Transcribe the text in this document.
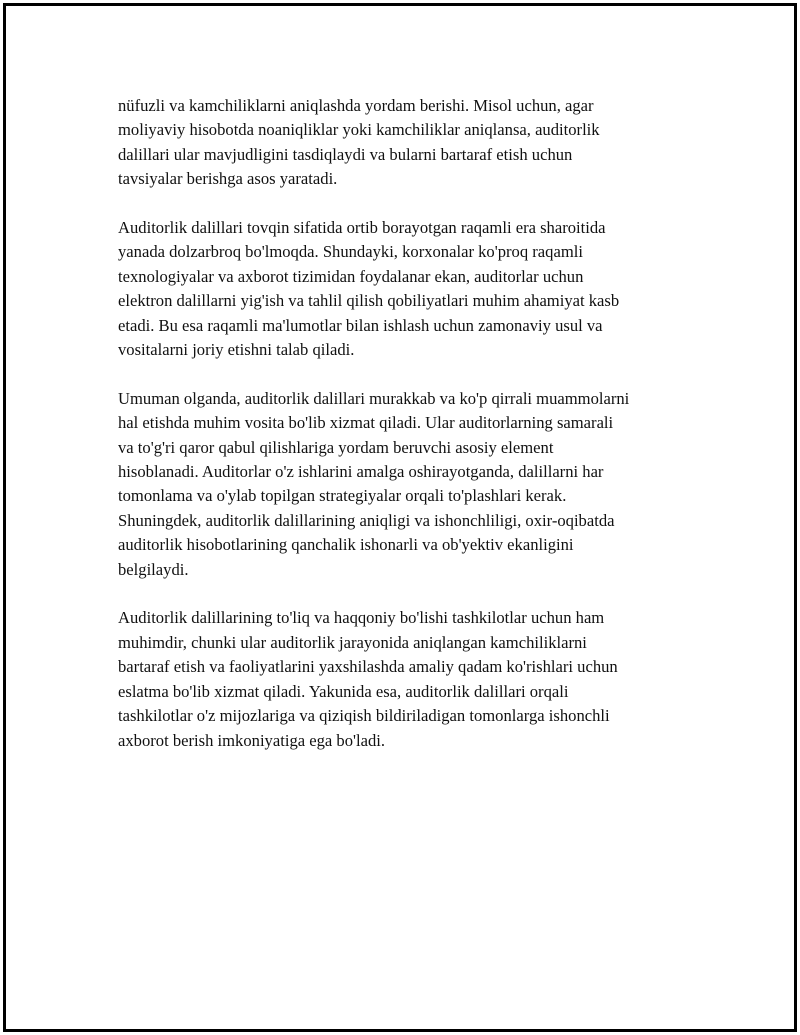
nüfuzli va kamchiliklarni aniqlashda yordam berishi. Misol uchun, agar
moliyaviy hisobotda noaniqliklar yoki kamchiliklar aniqlansa, auditorlik
dalillari ular mavjudligini tasdiqlaydi va bularni bartaraf etish uchun
tavsiyalar berishga asos yaratadi.

Auditorlik dalillari tovqin sifatida ortib borayotgan raqamli era sharoitida
yanada dolzarbroq bo'lmoqda. Shundayki, korxonalar ko'proq raqamli
texnologiyalar va axborot tizimidan foydalanar ekan, auditorlar uchun
elektron dalillarni yig'ish va tahlil qilish qobiliyatlari muhim ahamiyat kasb
etadi. Bu esa raqamli ma'lumotlar bilan ishlash uchun zamonaviy usul va
vositalarni joriy etishni talab qiladi.

Umuman olganda, auditorlik dalillari murakkab va ko'p qirrali muammolarni
hal etishda muhim vosita bo'lib xizmat qiladi. Ular auditorlarning samarali
va to'g'ri qaror qabul qilishlariga yordam beruvchi asosiy element
hisoblanadi. Auditorlar o'z ishlarini amalga oshirayotganda, dalillarni har
tomonlama va o'ylab topilgan strategiyalar orqali to'plashlari kerak.
Shuningdek, auditorlik dalillarining aniqligi va ishonchliligi, oxir-oqibatda
auditorlik hisobotlarining qanchalik ishonarli va ob'yektiv ekanligini
belgilaydi.

Auditorlik dalillarining to'liq va haqqoniy bo'lishi tashkilotlar uchun ham
muhimdir, chunki ular auditorlik jarayonida aniqlangan kamchiliklarni
bartaraf etish va faoliyatlarini yaxshilashda amaliy qadam ko'rishlari uchun
eslatma bo'lib xizmat qiladi. Yakunida esa, auditorlik dalillari orqali
tashkilotlar o'z mijozlariga va qiziqish bildiriladigan tomonlarga ishonchli
axborot berish imkoniyatiga ega bo'ladi.
